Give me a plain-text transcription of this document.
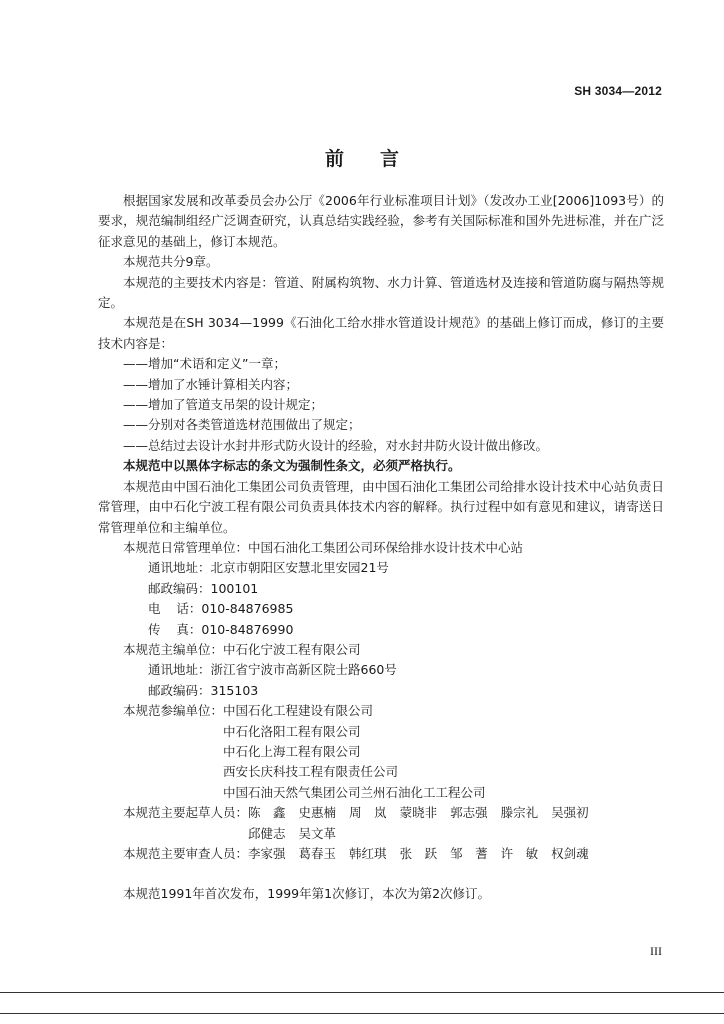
SH 3034—2012
前言

根据国家发展和改革委员会办公厅《2006年行业标准项目计划》（发改办工业[2006]1093号）的要求，规范编制组经广泛调查研究，认真总结实践经验，参考有关国际标准和国外先进标准，并在广泛征求意见的基础上，修订本规范。

本规范共分9章。

本规范的主要技术内容是：管道、附属构筑物、水力计算、管道选材及连接和管道防腐与隔热等规定。

本规范是在SH 3034—1999《石油化工给水排水管道设计规范》的基础上修订而成，修订的主要技术内容是：

——增加“术语和定义”一章；

——增加了水锤计算相关内容；

——增加了管道支吊架的设计规定；

——分别对各类管道选材范围做出了规定；

——总结过去设计水封井形式防火设计的经验，对水封井防火设计做出修改。

本规范中以黑体字标志的条文为强制性条文，必须严格执行。

本规范由中国石油化工集团公司负责管理，由中国石油化工集团公司给排水设计技术中心站负责日常管理，由中石化宁波工程有限公司负责具体技术内容的解释。执行过程中如有意见和建议，请寄送日常管理单位和主编单位。

本规范日常管理单位： 中国石油化工集团公司环保给排水设计技术中心站
通讯地址： 北京市朝阳区安慧北里安园21号
邮政编码： 100101
电    话： 010-84876985
传    真： 010-84876990
本规范主编单位： 中石化宁波工程有限公司
通讯地址： 浙江省宁波市高新区院士路660号
邮政编码： 315103
本规范参编单位： 中国石化工程建设有限公司
中石化洛阳工程有限公司
中石化上海工程有限公司
西安长庆科技工程有限责任公司
中国石油天然气集团公司兰州石油化工工程公司
本规范主要起草人员： 陈　鑫 史惠楠 周　岚 蒙晓非 郭志强 滕宗礼 吴强初
邱健志 吴文革
本规范主要审查人员： 李家强 葛春玉 韩红琪 张　跃 邹　蓍 许　敏 权剑魂

本规范1991年首次发布，1999年第1次修订，本次为第2次修订。

III
